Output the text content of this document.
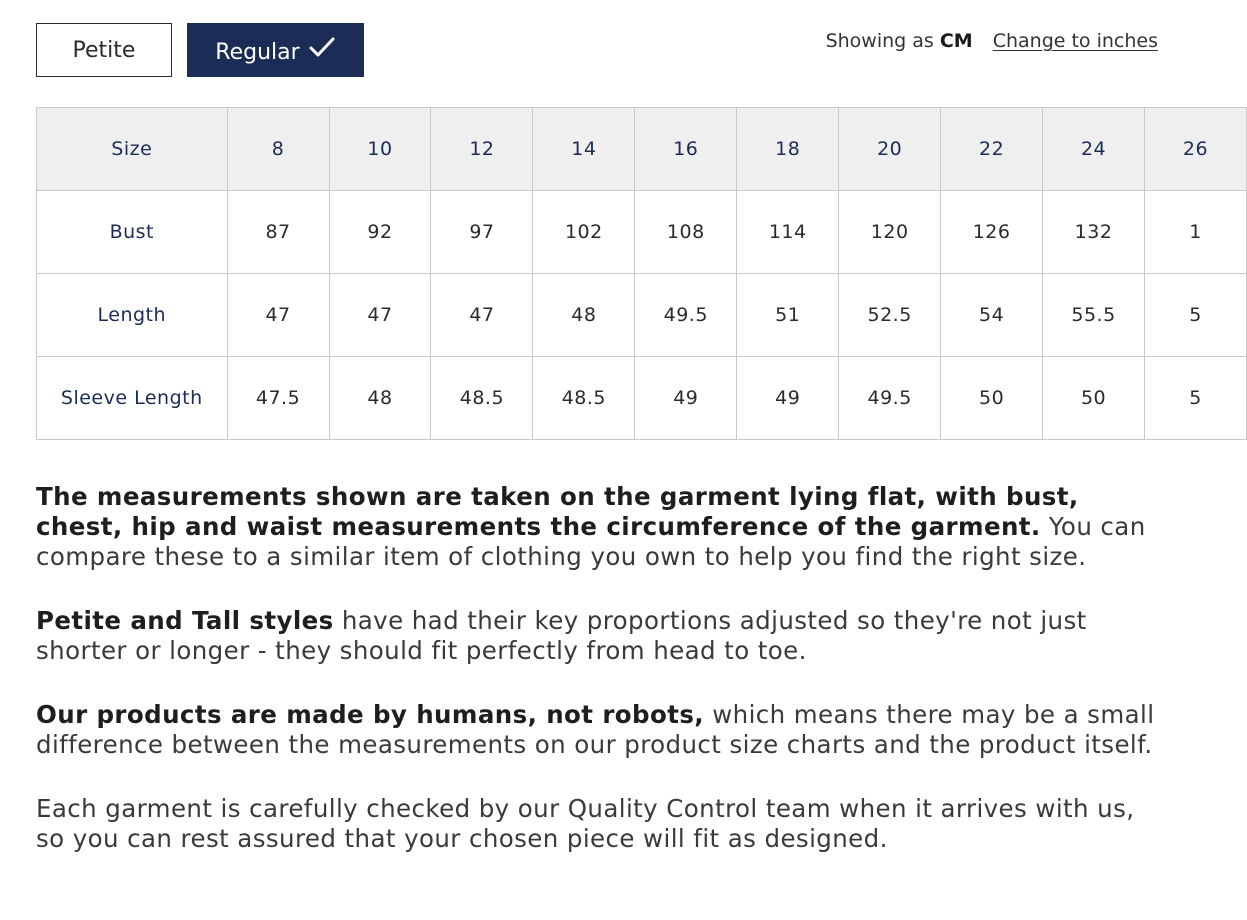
Petite	Regular	Showing as CM Change to inches
Size	8	10	12	14	16	18	20	22	24	26
Bust	87	92	97	102	108	114	120	126	132	1
Length	47	47	47	48	49.5	51	52.5	54	55.5	5
Sleeve Length	47.5	48	48.5	48.5	49	49	49.5	50	50	5

The measurements shown are taken on the garment lying flat, with bust, chest, hip and waist measurements the circumference of the garment. You can compare these to a similar item of clothing you own to help you find the right size.

Petite and Tall styles have had their key proportions adjusted so they're not just shorter or longer - they should fit perfectly from head to toe.

Our products are made by humans, not robots, which means there may be a small difference between the measurements on our product size charts and the product itself.

Each garment is carefully checked by our Quality Control team when it arrives with us, so you can rest assured that your chosen piece will fit as designed.
